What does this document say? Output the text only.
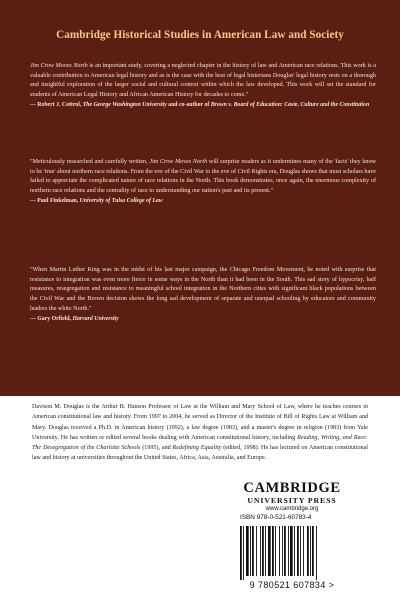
Cambridge Historical Studies in American Law and Society
Jim Crow Moves North is an important study, covering a neglected chapter in the history of law and American race relations. This work is a valuable contribution to American legal history and as is the case with the best of legal historians Douglas' legal history rests on a thorough and insightful exploration of the larger social and cultural context within which the law developed. This work will set the standard for students of American Legal History and African American History for decades to come."
— Robert J. Cottrol, The George Washington University and co-author of Brown v. Board of Education: Caste, Culture and the Constitution
"Meticulously researched and carefully written, Jim Crow Moves North will surprise readers as it undermines many of the 'facts' they know to be 'true' about northern race relations. From the eve of the Civil War to the eve of Civil Rights era, Douglas shows that most scholars have failed to appreciate the complicated nature of race relations in the North. This book demonstrates, once again, the enormous complexity of northern race relations and the centrality of race to understanding our nation's past and its present."
— Paul Finkelman, University of Tulsa College of Law
"When Martin Luther King was in the midst of his last major campaign, the Chicago Freedom Movement, he noted with surprise that resistance to integration was even more fierce in some ways in the North than it had been in the South. This sad story of hypocrisy, half measures, resegregation and resistance to meaningful school integration in the Northern cities with significant black populations between the Civil War and the Brown decision shows the long sad development of separate and unequal schooling by educators and community leaders the white North."
— Gary Orfield, Harvard University
Davison M. Douglas is the Arthur B. Hanson Professor of Law at the William and Mary School of Law, where he teaches courses in American constitutional law and history. From 1997 to 2004, he served as Director of the Institute of Bill of Rights Law at William and Mary. Douglas received a Ph.D. in American history (1992), a law degree (1983), and a master's degree in religion (1983) from Yale University. He has written or edited several books dealing with American constitutional history, including Reading, Writing, and Race: The Desegregation of the Charlotte Schools (1995), and Redefining Equality (edited, 1998). He has lectured on American constitutional law and history at universities throughout the United States, Africa, Asia, Australia, and Europe.
CAMBRIDGE
UNIVERSITY PRESS
www.cambridge.org
ISBN 978-0-521-60783-4
9 780521 607834 >
